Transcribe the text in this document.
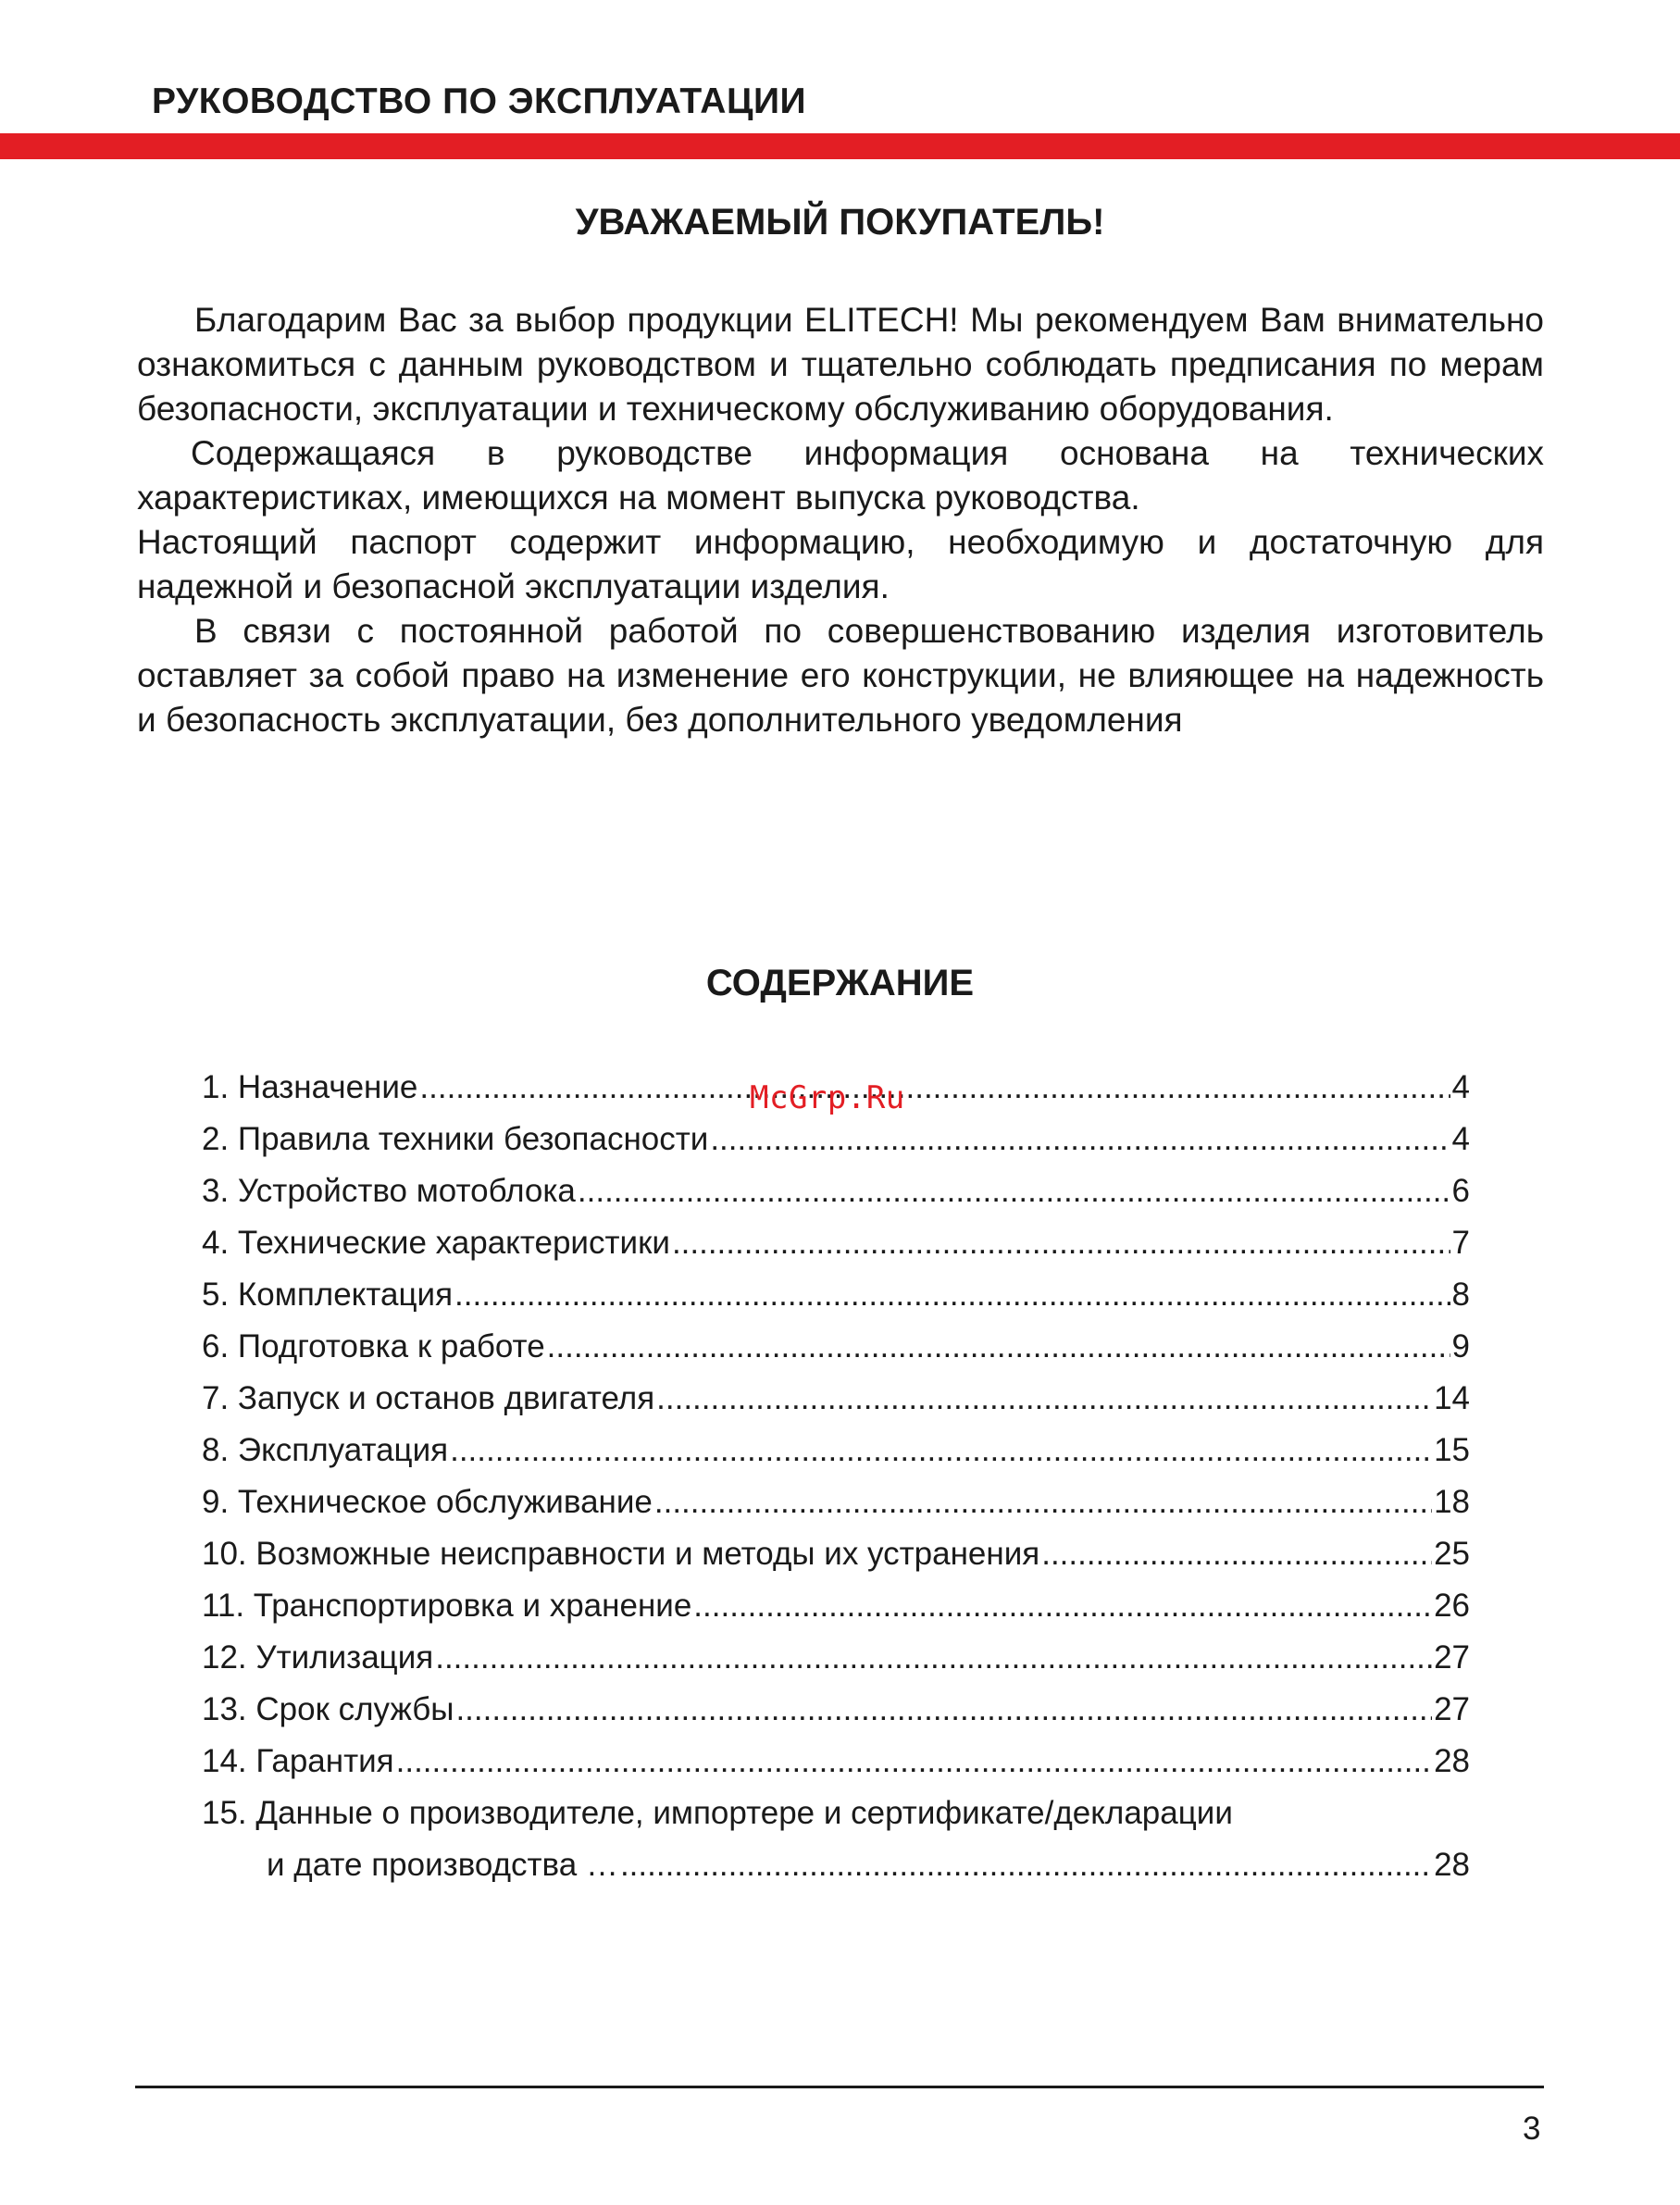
РУКОВОДСТВО ПО ЭКСПЛУАТАЦИИ
УВАЖАЕМЫЙ ПОКУПАТЕЛЬ!

Благодарим Вас за выбор продукции ELITECH! Мы рекомендуем Вам внимательно ознакомиться с данным руководством и тщательно соблюдать предписания по мерам безопасности, эксплуатации и техническому обслуживанию оборудования.

Содержащаяся в руководстве информация основана на технических характеристиках, имеющихся на момент выпуска руководства.

Настоящий паспорт содержит информацию, необходимую и достаточную для надежной и безопасной эксплуатации изделия.

В связи с постоянной работой по совершенствованию изделия изготовитель оставляет за собой право на изменение его конструкции, не влияющее на надежность и безопасность эксплуатации, без дополнительного уведомления

СОДЕРЖАНИЕ
1. Назначение .....	4
2. Правила техники безопасности .....	4
3. Устройство мотоблока .....	6
4. Технические характеристики .....	7
5. Комплектация .....	8
6. Подготовка к работе .....	9
7. Запуск и останов двигателя .....	14
8. Эксплуатация .....	15
9. Техническое обслуживание .....	18
10. Возможные неисправности и методы их устранения .....	25
11. Транспортировка и хранение .....	26
12. Утилизация .....	27
13. Срок службы .....	27
14. Гарантия .....	28
15. Данные о производителе, импортере и сертификате/декларации
и дате производства … .....	28
McGrp.Ru
3
